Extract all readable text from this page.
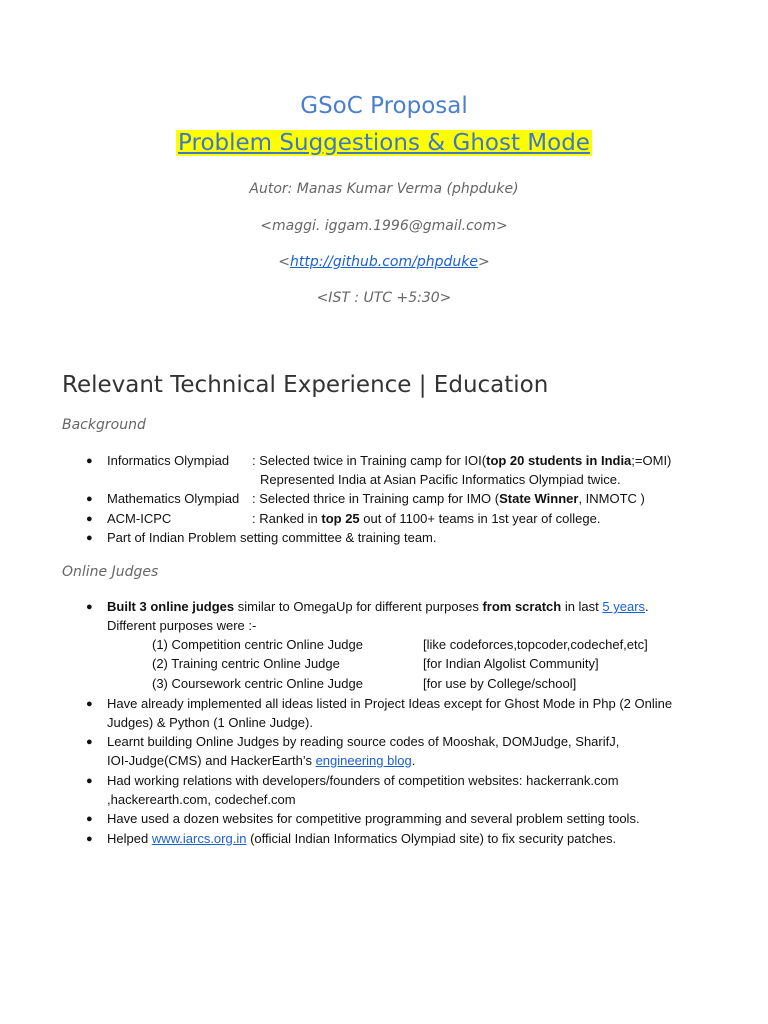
GSoC Proposal
Problem Suggestions & Ghost Mode
Autor: Manas Kumar Verma (phpduke)
<maggi. iggam.1996@gmail.com>
<http://github.com/phpduke>
<IST : UTC +5:30>
Relevant Technical Experience | Education
Background
● Informatics Olympiad : Selected twice in Training camp for IOI(top 20 students in India;=OMI)
Represented India at Asian Pacific Informatics Olympiad twice.
● Mathematics Olympiad : Selected thrice in Training camp for IMO (State Winner, INMOTC )
● ACM-ICPC	: Ranked in top 25 out of 1100+ teams in 1st year of college.
● Part of Indian Problem setting committee & training team.
Online Judges
● Built 3 online judges similar to OmegaUp for different purposes from scratch in last 5 years.
Different purposes were :-
(1) Competition centric Online Judge	[like codeforces,topcoder,codechef,etc]
(2) Training centric Online Judge	[for Indian Algolist Community]
(3) Coursework centric Online Judge	[for use by College/school]
● Have already implemented all ideas listed in Project Ideas except for Ghost Mode in Php (2 Online
Judges) & Python (1 Online Judge).
● Learnt building Online Judges by reading source codes of Mooshak, DOMJudge, SharifJ,
IOI-Judge(CMS) and HackerEarth’s engineering blog.
● Had working relations with developers/founders of competition websites: hackerrank.com
,hackerearth.com, codechef.com
● Have used a dozen websites for competitive programming and several problem setting tools.
● Helped www.iarcs.org.in (official Indian Informatics Olympiad site) to fix security patches.
